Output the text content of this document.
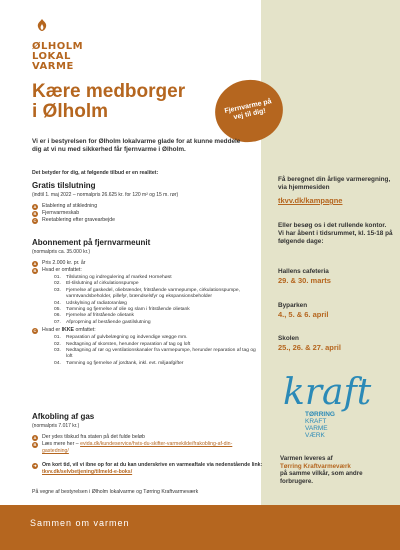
ØLHOLM
LOKAL
VARME
Fjernvarme på vej til dig!
Kære medborger
i Ølholm
Vi er i bestyrelsen for Ølholm lokalvarme glade for at kunne meddele dig at vi nu med sikkerhed får fjernvarme i Ølholm.
Det betyder for dig, at følgende tilbud er en realitet:
Gratis tilslutning
(indtil 1. maj 2022 – normalpris 26.625 kr. for 120 m² og 15 m. rør)
A	Etablering af stikledning
B	Fjernvarmeskab
C	Reetablering efter gravearbejde
Abonnement på fjernvarmeunit
(normalpris ca. 35.000 kr.)
A	Pris 2.000 kr. pr. år
B	Hvad er omfattet:
01. Tilslutning og indregulering af marked Hornehøst
02. El-tilslutning af cirkulationspumpe
03. Fjernelse af gaskedel, oliebrænder, fritstående varmepumpe, cirkulationspumpe, varmtvandsbeholder, pillefyr, brændselsfyr og ekspansionsbeholder
04. Udskylning af radiatoranlæg
05. Tømning og fjernelse af olie og slam i fritstående olietank
06. Fjernelse af fritstående olietank
07. Afproprning af bestående gastilslutning
C	Hvad er IKKE omfattet:
01. Reparation af gulvbelægning og indvendige vægge mm.
02. Nedtagning af skorsten, herunder reparation af tag og loft
03. Nedtagning af rør og ventilationskanaler fra varmepumpe, herunder reparation af tag og loft
04. Tømning og fjernelse af jordtank, inkl. evt. miljøafgifter
Afkobling af gas
(normalpris 7.017 kr.)
A	Der ydes tilskud fra staten på det fulde beløb
B	Læs mere her – evida.dk/kundeservice/hvis-du-skifter-varmekilde/frakobling-af-din-gastedning/
➜ Om kort tid, vil vi ibne op for at du kan underskrive en varmeaftale via nedenstående link: tkvv.dk/selvbetjening/tilmeld-e-boks/
På vegne af bestyrelsen i Ølholm lokalvarme og Tørring Kraftvarmeværk
Få beregnet din årlige varmeregning, via hjemmesiden
tkvv.dk/kampagne
Eller besøg os i det rullende kontor. Vi har åbent i tidsrummet, kl. 15-18 på følgende dage:
Hallens cafeteria
29. & 30. marts
Byparken
4., 5. & 6. april
Skolen
25., 26. & 27. april
kraft
TØRRING
KRAFT
VARME
VÆRK
Varmen leveres af
Tørring Kraftvarmeværk
på samme vilkår, som andre forbrugere.
Sammen om varmen
